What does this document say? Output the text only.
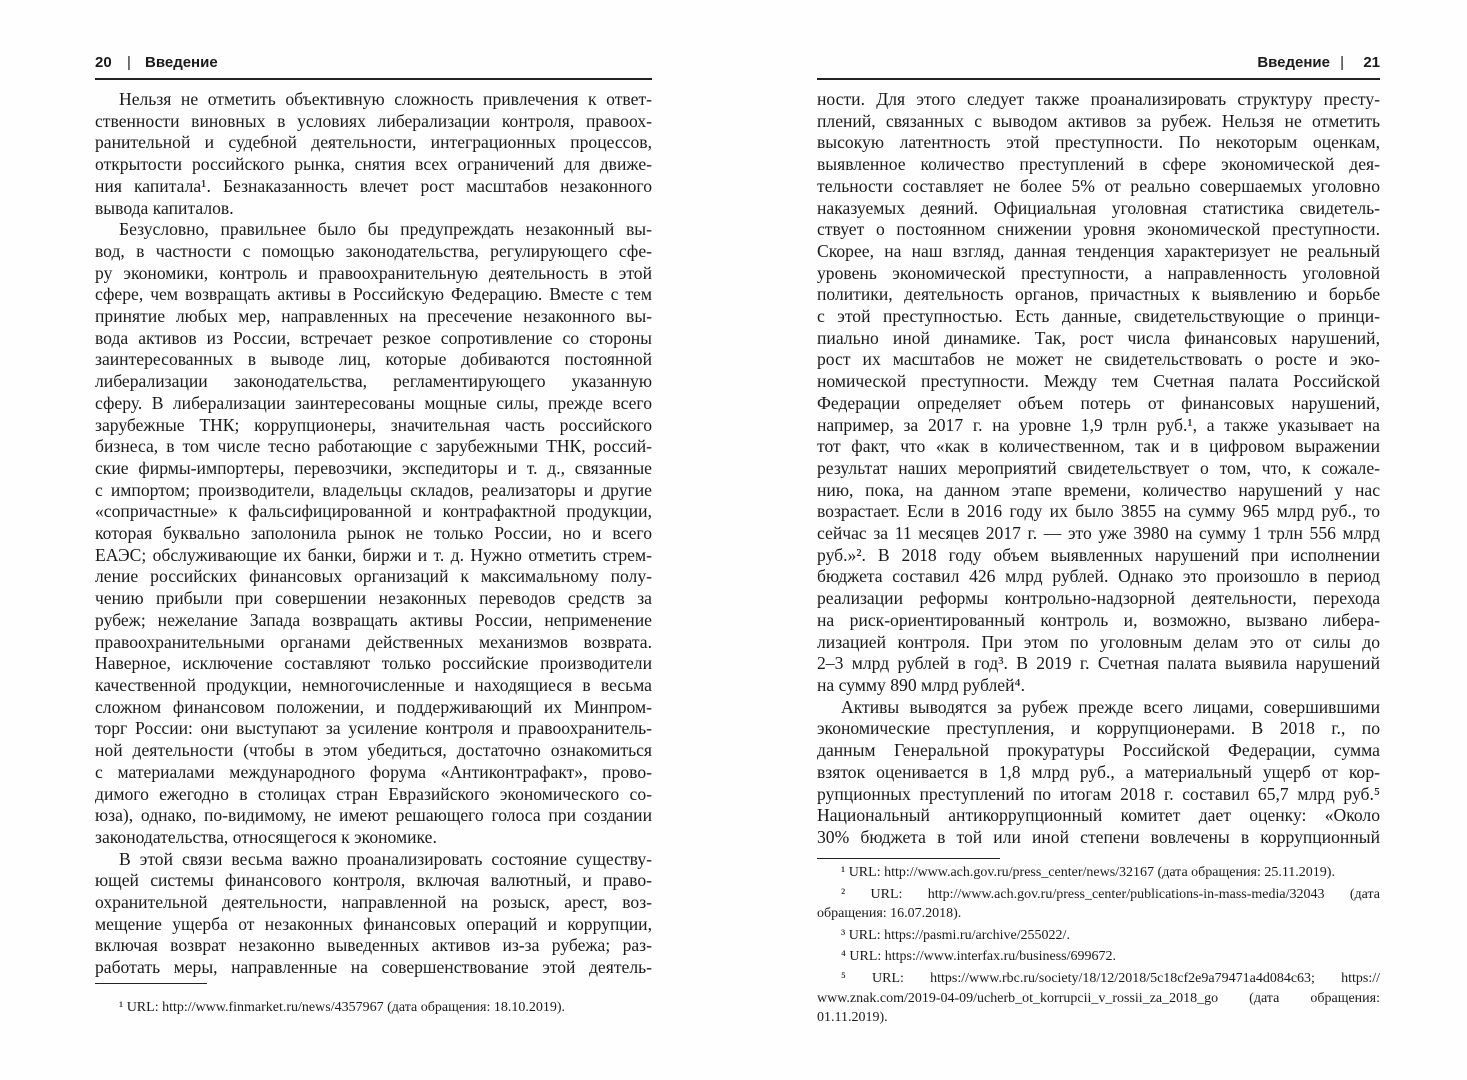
20 | Введение
Нельзя не отметить объективную сложность привлечения к ответ-
ственности виновных в условиях либерализации контроля, правоох-
ранительной и судебной деятельности, интеграционных процессов,
открытости российского рынка, снятия всех ограничений для движе-
ния капитала¹. Безнаказанность влечет рост масштабов незаконного
вывода капиталов.
Безусловно, правильнее было бы предупреждать незаконный вы-
вод, в частности с помощью законодательства, регулирующего сфе-
ру экономики, контроль и правоохранительную деятельность в этой
сфере, чем возвращать активы в Российскую Федерацию. Вместе с тем
принятие любых мер, направленных на пресечение незаконного вы-
вода активов из России, встречает резкое сопротивление со стороны
заинтересованных в выводе лиц, которые добиваются постоянной
либерализации законодательства, регламентирующего указанную
сферу. В либерализации заинтересованы мощные силы, прежде всего
зарубежные ТНК; коррупционеры, значительная часть российского
бизнеса, в том числе тесно работающие с зарубежными ТНК, россий-
ские фирмы-импортеры, перевозчики, экспедиторы и т. д., связанные
с импортом; производители, владельцы складов, реализаторы и другие
«сопричастные» к фальсифицированной и контрафактной продукции,
которая буквально заполонила рынок не только России, но и всего
ЕАЭС; обслуживающие их банки, биржи и т. д. Нужно отметить стрем-
ление российских финансовых организаций к максимальному полу-
чению прибыли при совершении незаконных переводов средств за
рубеж; нежелание Запада возвращать активы России, неприменение
правоохранительными органами действенных механизмов возврата.
Наверное, исключение составляют только российские производители
качественной продукции, немногочисленные и находящиеся в весьма
сложном финансовом положении, и поддерживающий их Минпром-
торг России: они выступают за усиление контроля и правоохранитель-
ной деятельности (чтобы в этом убедиться, достаточно ознакомиться
с материалами международного форума «Антиконтрафакт», прово-
димого ежегодно в столицах стран Евразийского экономического со-
юза), однако, по-видимому, не имеют решающего голоса при создании
законодательства, относящегося к экономике.
В этой связи весьма важно проанализировать состояние существу-
ющей системы финансового контроля, включая валютный, и право-
охранительной деятельности, направленной на розыск, арест, воз-
мещение ущерба от незаконных финансовых операций и коррупции,
включая возврат незаконно выведенных активов из-за рубежа; раз-
работать меры, направленные на совершенствование этой деятель-
¹ URL: http://www.finmarket.ru/news/4357967 (дата обращения: 18.10.2019).
Введение | 21
ности. Для этого следует также проанализировать структуру престу-
плений, связанных с выводом активов за рубеж. Нельзя не отметить
высокую латентность этой преступности. По некоторым оценкам,
выявленное количество преступлений в сфере экономической дея-
тельности составляет не более 5% от реально совершаемых уголовно
наказуемых деяний. Официальная уголовная статистика свидетель-
ствует о постоянном снижении уровня экономической преступности.
Скорее, на наш взгляд, данная тенденция характеризует не реальный
уровень экономической преступности, а направленность уголовной
политики, деятельность органов, причастных к выявлению и борьбе
с этой преступностью. Есть данные, свидетельствующие о принци-
пиально иной динамике. Так, рост числа финансовых нарушений,
рост их масштабов не может не свидетельствовать о росте и эко-
номической преступности. Между тем Счетная палата Российской
Федерации определяет объем потерь от финансовых нарушений,
например, за 2017 г. на уровне 1,9 трлн руб.¹, а также указывает на
тот факт, что «как в количественном, так и в цифровом выражении
результат наших мероприятий свидетельствует о том, что, к сожале-
нию, пока, на данном этапе времени, количество нарушений у нас
возрастает. Если в 2016 году их было 3855 на сумму 965 млрд руб., то
сейчас за 11 месяцев 2017 г. — это уже 3980 на сумму 1 трлн 556 млрд
руб.»². В 2018 году объем выявленных нарушений при исполнении
бюджета составил 426 млрд рублей. Однако это произошло в период
реализации реформы контрольно-надзорной деятельности, перехода
на риск-ориентированный контроль и, возможно, вызвано либера-
лизацией контроля. При этом по уголовным делам это от силы до
2–3 млрд рублей в год³. В 2019 г. Счетная палата выявила нарушений
на сумму 890 млрд рублей⁴.
Активы выводятся за рубеж прежде всего лицами, совершившими
экономические преступления, и коррупционерами. В 2018 г., по
данным Генеральной прокуратуры Российской Федерации, сумма
взяток оценивается в 1,8 млрд руб., а материальный ущерб от кор-
рупционных преступлений по итогам 2018 г. составил 65,7 млрд руб.⁵
Национальный антикоррупционный комитет дает оценку: «Около
30% бюджета в той или иной степени вовлечены в коррупционный
¹ URL: http://www.ach.gov.ru/press_center/news/32167 (дата обращения: 25.11.2019).
² URL: http://www.ach.gov.ru/press_center/publications-in-mass-media/32043 (дата
обращения: 16.07.2018).
³ URL: https://pasmi.ru/archive/255022/.
⁴ URL: https://www.interfax.ru/business/699672.
⁵ URL: https://www.rbc.ru/society/18/12/2018/5c18cf2e9a79471a4d084c63; https://
www.znak.com/2019-04-09/ucherb_ot_korrupcii_v_rossii_za_2018_go (дата обращения:
01.11.2019).
